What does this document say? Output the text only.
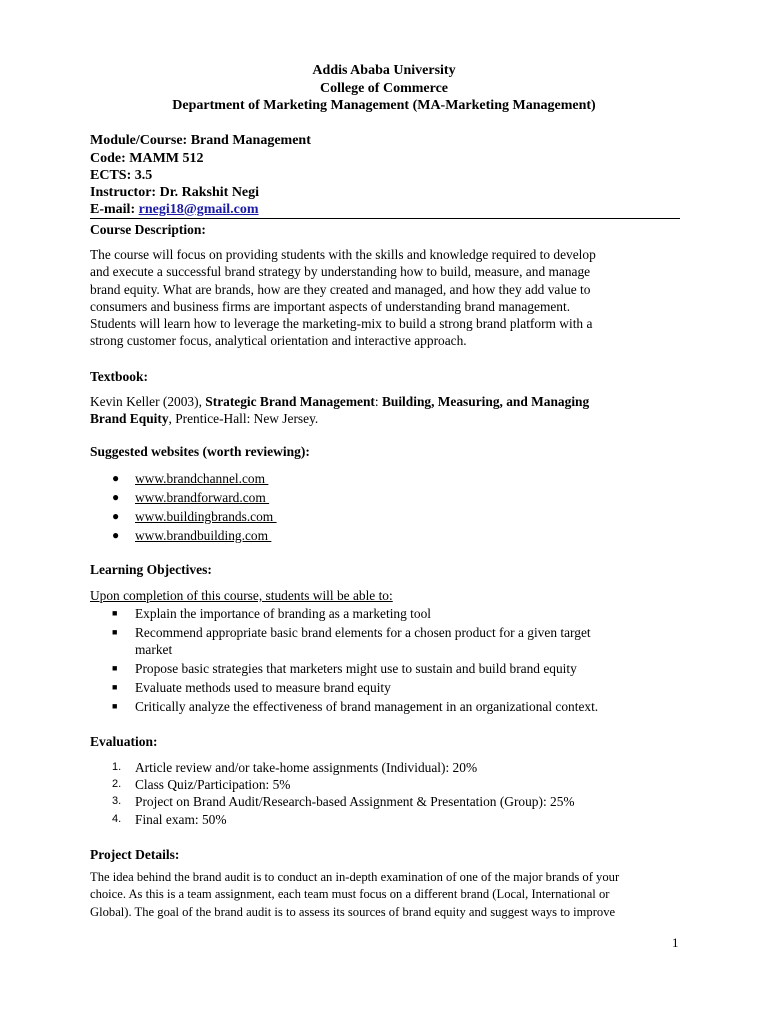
Addis Ababa University
College of Commerce
Department of Marketing Management (MA-Marketing Management)
Module/Course: Brand Management
Code: MAMM 512
ECTS: 3.5
Instructor: Dr. Rakshit Negi
E-mail: rnegi18@gmail.com
Course Description:
The course will focus on providing students with the skills and knowledge required to develop
and execute a successful brand strategy by understanding how to build, measure, and manage
brand equity. What are brands, how are they created and managed, and how they add value to
consumers and business firms are important aspects of understanding brand management.
Students will learn how to leverage the marketing-mix to build a strong brand platform with a
strong customer focus, analytical orientation and interactive approach.
Textbook:
Kevin Keller (2003), Strategic Brand Management: Building, Measuring, and Managing
Brand Equity, Prentice-Hall: New Jersey.
Suggested websites (worth reviewing):
●	www.brandchannel.com
●	www.brandforward.com
●	www.buildingbrands.com
●	www.brandbuilding.com
Learning Objectives:
Upon completion of this course, students will be able to:
■	Explain the importance of branding as a marketing tool
■	Recommend appropriate basic brand elements for a chosen product for a given target
market
■	Propose basic strategies that marketers might use to sustain and build brand equity
■	Evaluate methods used to measure brand equity
■	Critically analyze the effectiveness of brand management in an organizational context.
Evaluation:
1.	Article review and/or take-home assignments (Individual): 20%
2.	Class Quiz/Participation: 5%
3.	Project on Brand Audit/Research-based Assignment & Presentation (Group): 25%
4.	Final exam: 50%
Project Details:
The idea behind the brand audit is to conduct an in-depth examination of one of the major brands of your
choice. As this is a team assignment, each team must focus on a different brand (Local, International or
Global). The goal of the brand audit is to assess its sources of brand equity and suggest ways to improve
1
